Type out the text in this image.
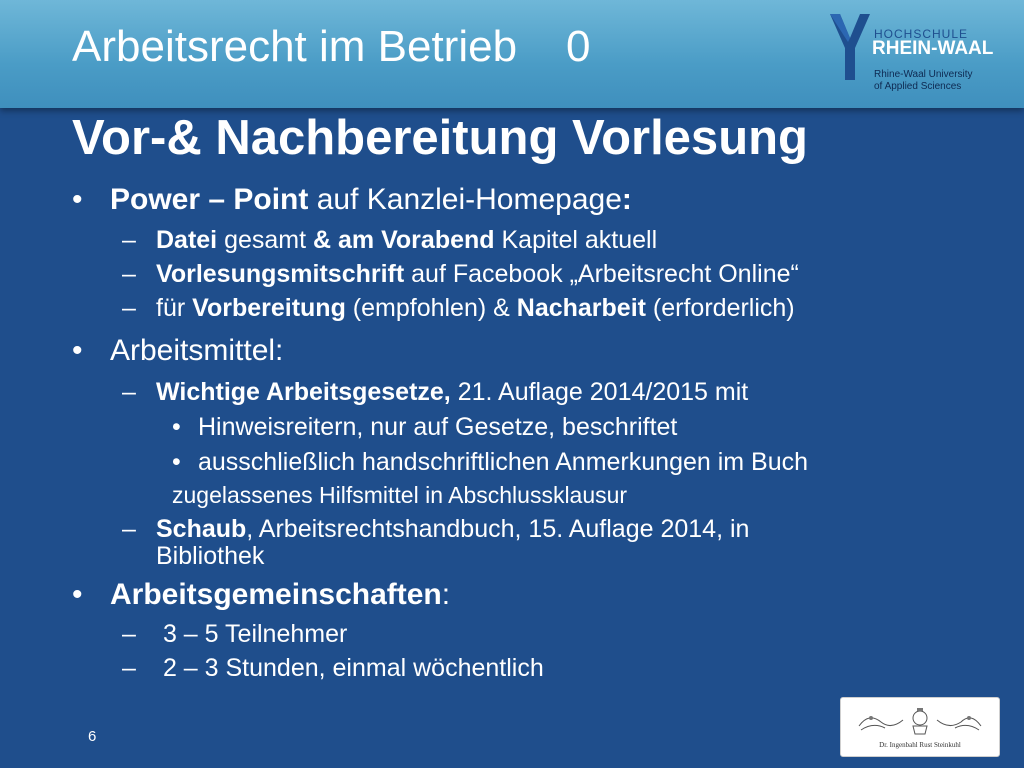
Arbeitsrecht im Betrieb    0	HOCHSCHULE
RHEIN-WAAL
Rhine-Waal University
of Applied Sciences
Vor-& Nachbereitung Vorlesung
• Power – Point auf Kanzlei-Homepage:
– Datei gesamt & am Vorabend Kapitel aktuell
– Vorlesungsmitschrift auf Facebook „Arbeitsrecht Online“
– für Vorbereitung (empfohlen) & Nacharbeit (erforderlich)
• Arbeitsmittel:
– Wichtige Arbeitsgesetze, 21. Auflage 2014/2015 mit
• Hinweisreitern, nur auf Gesetze, beschriftet
• ausschließlich handschriftlichen Anmerkungen im Buch
zugelassenes Hilfsmittel in Abschlussklausur
– Schaub, Arbeitsrechtshandbuch, 15. Auflage 2014, in
Bibliothek
• Arbeitsgemeinschaften:
– 3 – 5 Teilnehmer
– 2 – 3 Stunden, einmal wöchentlich
6	Dr. Ingenbahl Rust Steinkuhl
